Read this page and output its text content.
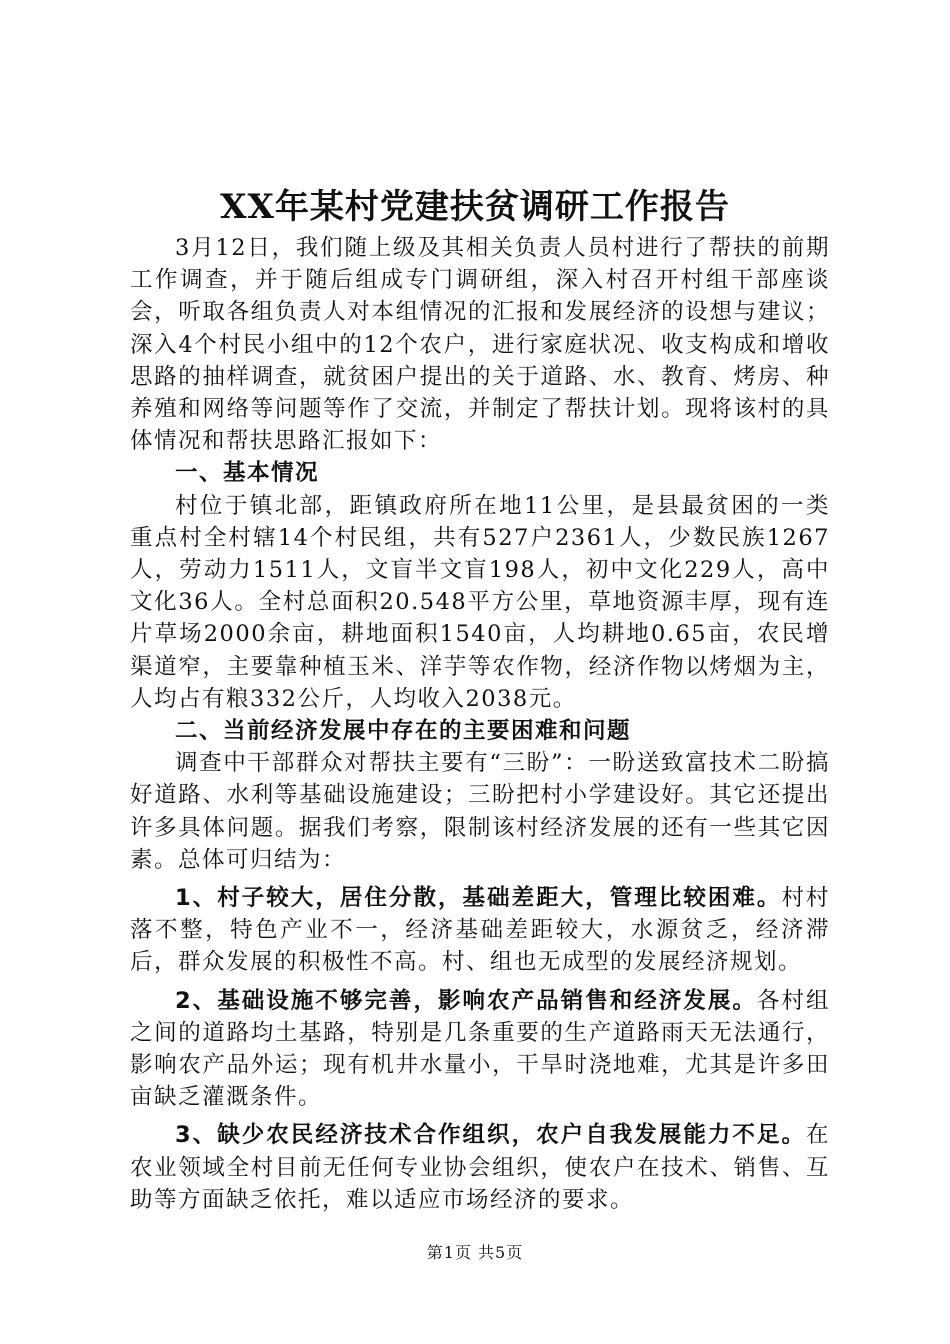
XX年某村党建扶贫调研工作报告

3月12日，我们随上级及其相关负责人员村进行了帮扶的前期工作调查，并于随后组成专门调研组，深入村召开村组干部座谈会，听取各组负责人对本组情况的汇报和发展经济的设想与建议；深入4个村民小组中的12个农户，进行家庭状况、收支构成和增收思路的抽样调查，就贫困户提出的关于道路、水、教育、烤房、种养殖和网络等问题等作了交流，并制定了帮扶计划。现将该村的具体情况和帮扶思路汇报如下：

一、基本情况

村位于镇北部，距镇政府所在地11公里，是县最贫困的一类重点村全村辖14个村民组，共有527户2361人，少数民族1267人，劳动力1511人，文盲半文盲198人，初中文化229人，高中文化36人。全村总面积20.548平方公里，草地资源丰厚，现有连片草场2000余亩，耕地面积1540亩，人均耕地0.65亩，农民增渠道窄，主要靠种植玉米、洋芋等农作物，经济作物以烤烟为主，人均占有粮332公斤，人均收入2038元。

二、当前经济发展中存在的主要困难和问题

调查中干部群众对帮扶主要有“三盼”：一盼送致富技术二盼搞好道路、水利等基础设施建设；三盼把村小学建设好。其它还提出许多具体问题。据我们考察，限制该村经济发展的还有一些其它因素。总体可归结为：

1、村子较大，居住分散，基础差距大，管理比较困难。村村落不整，特色产业不一，经济基础差距较大，水源贫乏，经济滞后，群众发展的积极性不高。村、组也无成型的发展经济规划。

2、基础设施不够完善，影响农产品销售和经济发展。各村组之间的道路均土基路，特别是几条重要的生产道路雨天无法通行，影响农产品外运；现有机井水量小，干旱时浇地难，尤其是许多田亩缺乏灌溉条件。

3、缺少农民经济技术合作组织，农户自我发展能力不足。在农业领域全村目前无任何专业协会组织，使农户在技术、销售、互助等方面缺乏依托，难以适应市场经济的要求。

第1页 共5页
